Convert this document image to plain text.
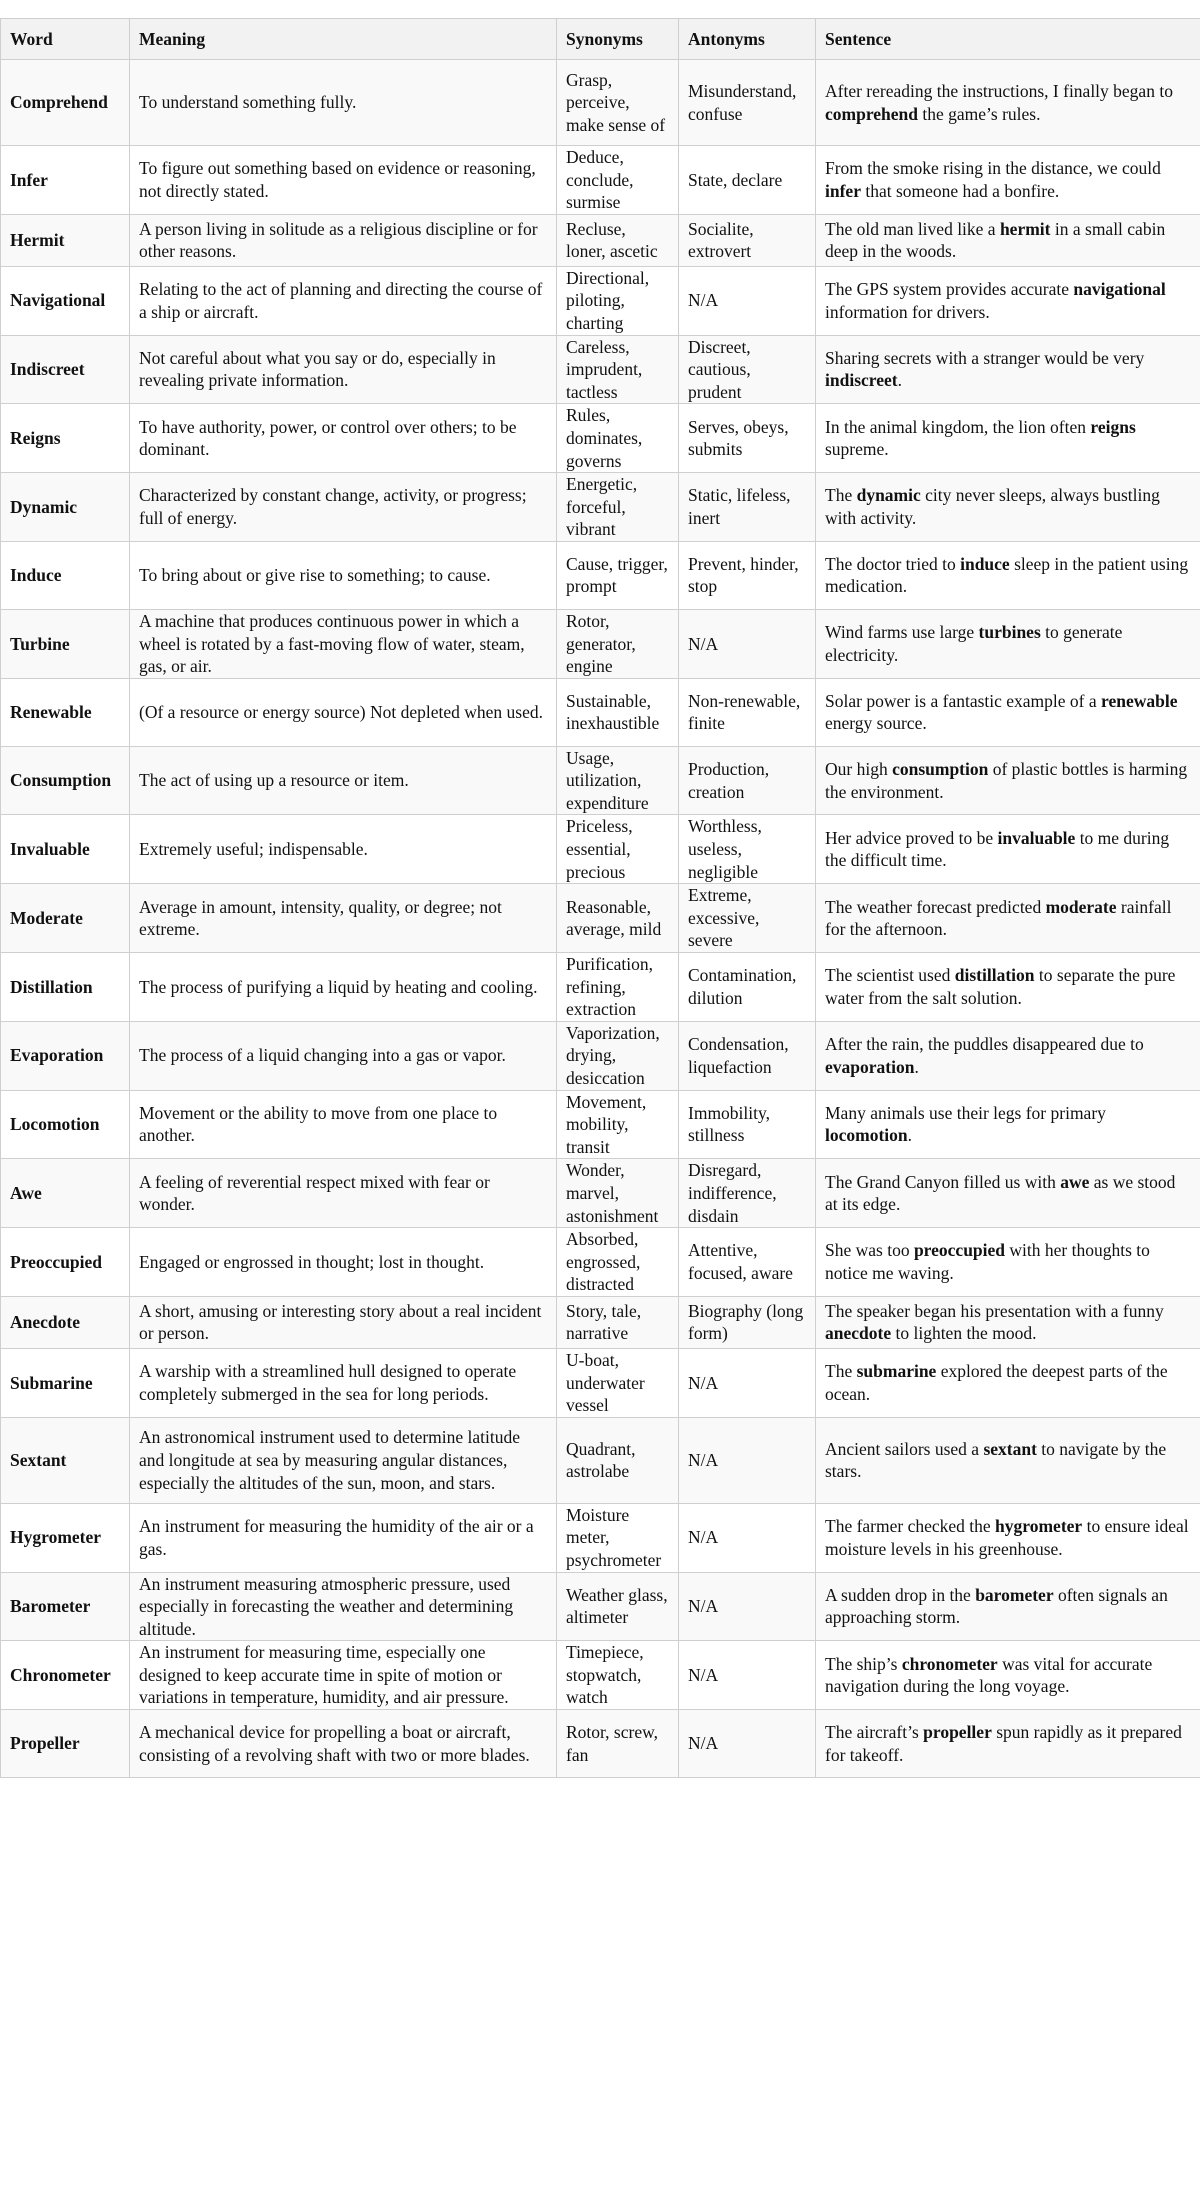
Word	Meaning	Synonyms	Antonyms	Sentence
Comprehend	To understand something fully.	Grasp, perceive, make sense of	Misunderstand, confuse	After rereading the instructions, I finally began to comprehend the game’s rules.
Infer	To figure out something based on evidence or reasoning, not directly stated.	Deduce, conclude, surmise	State, declare	From the smoke rising in the distance, we could infer that someone had a bonfire.
Hermit	A person living in solitude as a religious discipline or for other reasons.	Recluse, loner, ascetic	Socialite, extrovert	The old man lived like a hermit in a small cabin deep in the woods.
Navigational	Relating to the act of planning and directing the course of a ship or aircraft.	Directional, piloting, charting	N/A	The GPS system provides accurate navigational information for drivers.
Indiscreet	Not careful about what you say or do, especially in revealing private information.	Careless, imprudent, tactless	Discreet, cautious, prudent	Sharing secrets with a stranger would be very indiscreet.
Reigns	To have authority, power, or control over others; to be dominant.	Rules, dominates, governs	Serves, obeys, submits	In the animal kingdom, the lion often reigns supreme.
Dynamic	Characterized by constant change, activity, or progress; full of energy.	Energetic, forceful, vibrant	Static, lifeless, inert	The dynamic city never sleeps, always bustling with activity.
Induce	To bring about or give rise to something; to cause.	Cause, trigger, prompt	Prevent, hinder, stop	The doctor tried to induce sleep in the patient using medication.
Turbine	A machine that produces continuous power in which a wheel is rotated by a fast-moving flow of water, steam, gas, or air.	Rotor, generator, engine	N/A	Wind farms use large turbines to generate electricity.
Renewable	(Of a resource or energy source) Not depleted when used.	Sustainable, inexhaustible	Non-renewable, finite	Solar power is a fantastic example of a renewable energy source.
Consumption	The act of using up a resource or item.	Usage, utilization, expenditure	Production, creation	Our high consumption of plastic bottles is harming the environment.
Invaluable	Extremely useful; indispensable.	Priceless, essential, precious	Worthless, useless, negligible	Her advice proved to be invaluable to me during the difficult time.
Moderate	Average in amount, intensity, quality, or degree; not extreme.	Reasonable, average, mild	Extreme, excessive, severe	The weather forecast predicted moderate rainfall for the afternoon.
Distillation	The process of purifying a liquid by heating and cooling.	Purification, refining, extraction	Contamination, dilution	The scientist used distillation to separate the pure water from the salt solution.
Evaporation	The process of a liquid changing into a gas or vapor.	Vaporization, drying, desiccation	Condensation, liquefaction	After the rain, the puddles disappeared due to evaporation.
Locomotion	Movement or the ability to move from one place to another.	Movement, mobility, transit	Immobility, stillness	Many animals use their legs for primary locomotion.
Awe	A feeling of reverential respect mixed with fear or wonder.	Wonder, marvel, astonishment	Disregard, indifference, disdain	The Grand Canyon filled us with awe as we stood at its edge.
Preoccupied	Engaged or engrossed in thought; lost in thought.	Absorbed, engrossed, distracted	Attentive, focused, aware	She was too preoccupied with her thoughts to notice me waving.
Anecdote	A short, amusing or interesting story about a real incident or person.	Story, tale, narrative	Biography (long form)	The speaker began his presentation with a funny anecdote to lighten the mood.
Submarine	A warship with a streamlined hull designed to operate completely submerged in the sea for long periods.	U-boat, underwater vessel	N/A	The submarine explored the deepest parts of the ocean.
Sextant	An astronomical instrument used to determine latitude and longitude at sea by measuring angular distances, especially the altitudes of the sun, moon, and stars.	Quadrant, astrolabe	N/A	Ancient sailors used a sextant to navigate by the stars.
Hygrometer	An instrument for measuring the humidity of the air or a gas.	Moisture meter, psychrometer	N/A	The farmer checked the hygrometer to ensure ideal moisture levels in his greenhouse.
Barometer	An instrument measuring atmospheric pressure, used especially in forecasting the weather and determining altitude.	Weather glass, altimeter	N/A	A sudden drop in the barometer often signals an approaching storm.
Chronometer	An instrument for measuring time, especially one designed to keep accurate time in spite of motion or variations in temperature, humidity, and air pressure.	Timepiece, stopwatch, watch	N/A	The ship’s chronometer was vital for accurate navigation during the long voyage.
Propeller	A mechanical device for propelling a boat or aircraft, consisting of a revolving shaft with two or more blades.	Rotor, screw, fan	N/A	The aircraft’s propeller spun rapidly as it prepared for takeoff.
